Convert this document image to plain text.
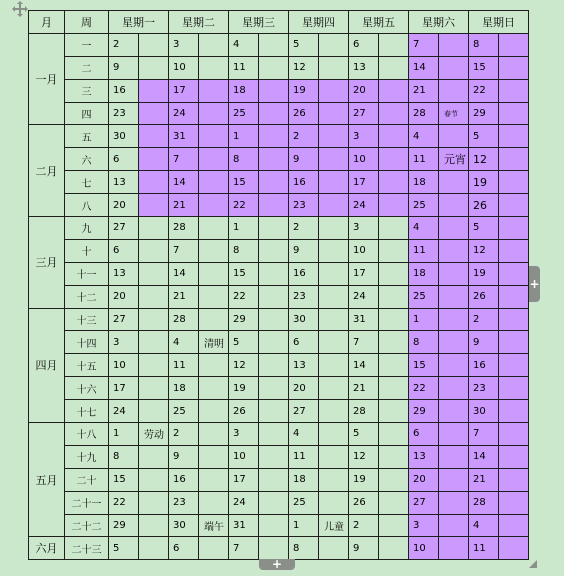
月	周	星期一		星期二		星期三		星期四		星期五		星期六		星期日	
一月	一	2		3		4		5		6		7		8	
	二	9		10		11		12		13		14		15	
	三	16		17		18		19		20		21		22	
	四	23		24		25		26		27		28	春节	29	
二月	五	30		31		1		2		3		4		5	
	六	6		7		8		9		10		11	元宵	12	
	七	13		14		15		16		17		18		19	
	八	20		21		22		23		24		25		26	
三月	九	27		28		1		2		3		4		5	
	十	6		7		8		9		10		11		12	
	十一	13		14		15		16		17		18		19	
	十二	20		21		22		23		24		25		26	
四月	十三	27		28		29		30		31		1		2	
	十四	3		4	清明	5		6		7		8		9	
	十五	10		11		12		13		14		15		16	
	十六	17		18		19		20		21		22		23	
	十七	24		25		26		27		28		29		30	
五月	十八	1	劳动	2		3		4		5		6		7	
	十九	8		9		10		11		12		13		14	
	二十	15		16		17		18		19		20		21	
	二十一	22		23		24		25		26		27		28	
	二十二	29		30	端午	31		1	儿童	2		3		4	
六月	二十三	5		6		7		8		9		10		11	
+
+
